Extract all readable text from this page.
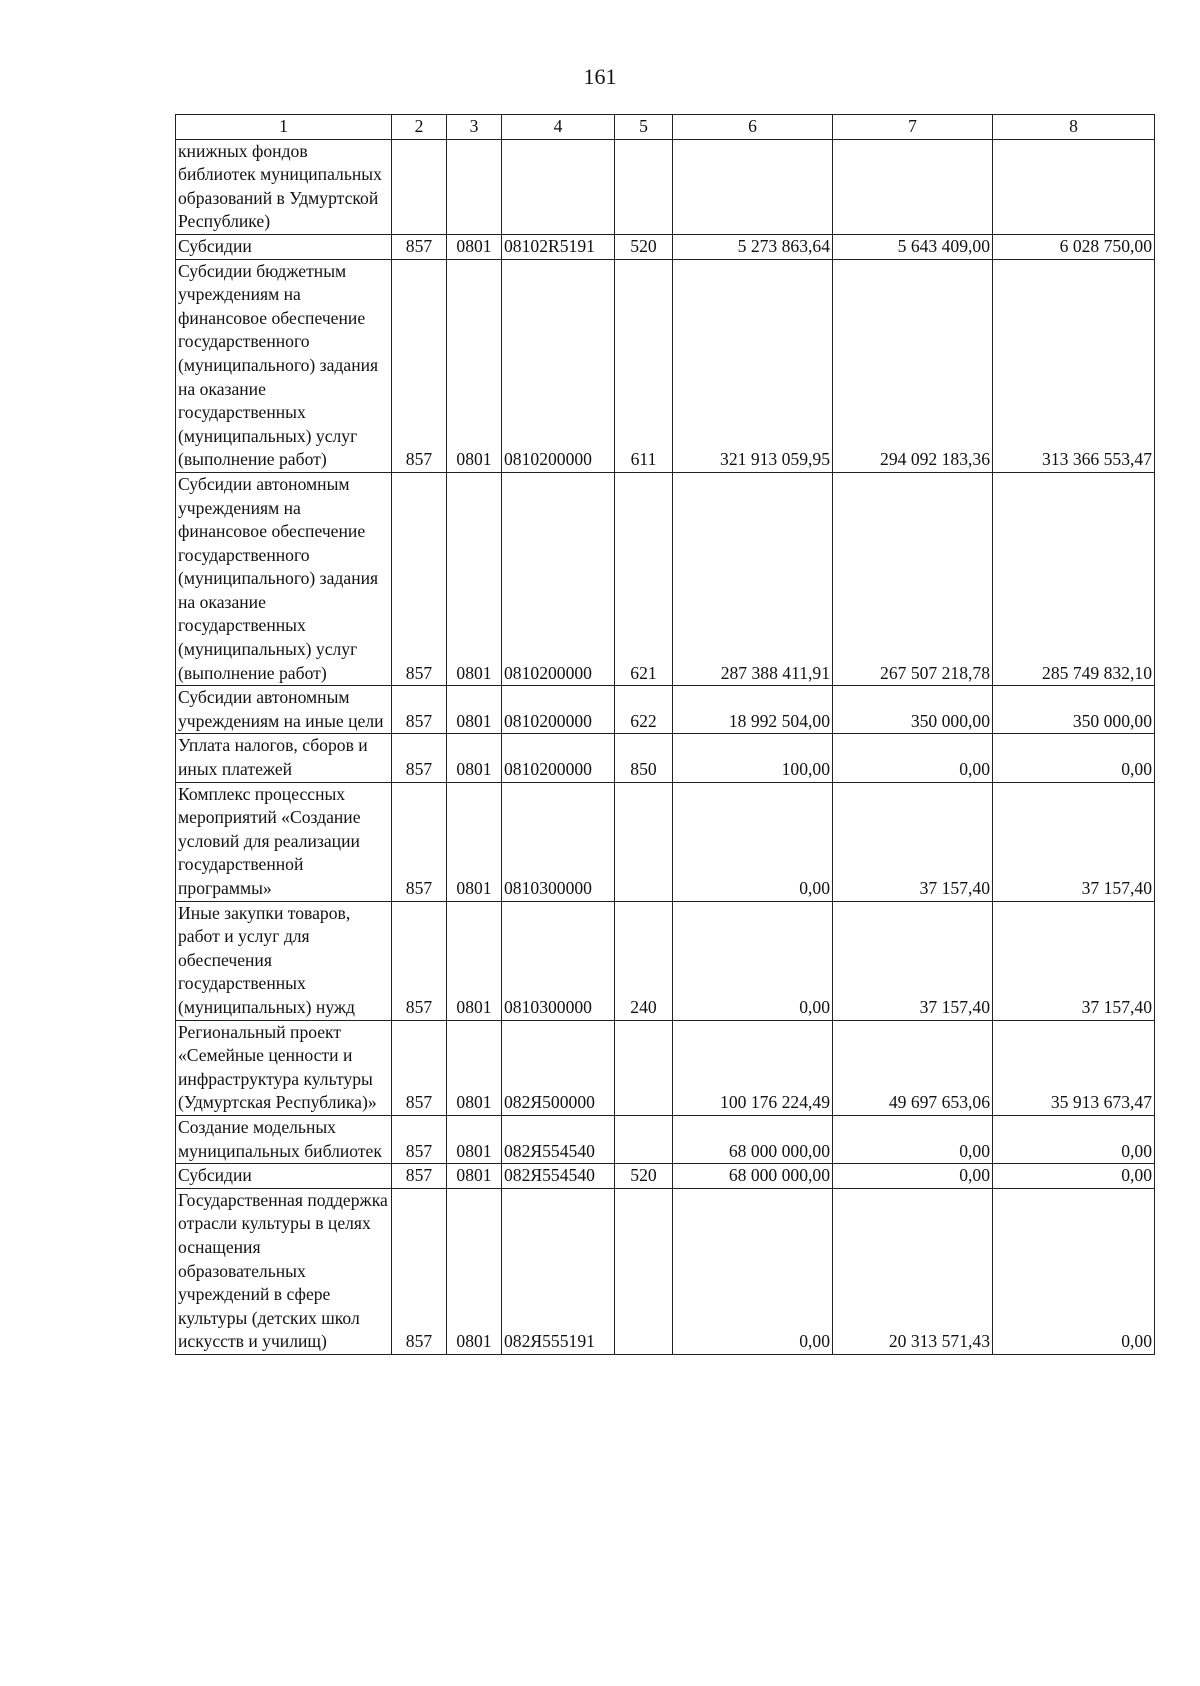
161
1	2	3	4	5	6	7	8
книжных фондов библиотек муниципальных образований в Удмуртской Республике)							
Субсидии	857	0801	08102R5191	520	5 273 863,64	5 643 409,00	6 028 750,00
Субсидии бюджетным учреждениям на финансовое обеспечение государственного (муниципального) задания на оказание государственных (муниципальных) услуг (выполнение работ)	857	0801	0810200000	611	321 913 059,95	294 092 183,36	313 366 553,47
Субсидии автономным учреждениям на финансовое обеспечение государственного (муниципального) задания на оказание государственных (муниципальных) услуг (выполнение работ)	857	0801	0810200000	621	287 388 411,91	267 507 218,78	285 749 832,10
Субсидии автономным учреждениям на иные цели	857	0801	0810200000	622	18 992 504,00	350 000,00	350 000,00
Уплата налогов, сборов и иных платежей	857	0801	0810200000	850	100,00	0,00	0,00
Комплекс процессных мероприятий «Создание условий для реализации государственной программы»	857	0801	0810300000		0,00	37 157,40	37 157,40
Иные закупки товаров, работ и услуг для обеспечения государственных (муниципальных) нужд	857	0801	0810300000	240	0,00	37 157,40	37 157,40
Региональный проект «Семейные ценности и инфраструктура культуры (Удмуртская Республика)»	857	0801	082Я500000		100 176 224,49	49 697 653,06	35 913 673,47
Создание модельных муниципальных библиотек	857	0801	082Я554540		68 000 000,00	0,00	0,00
Субсидии	857	0801	082Я554540	520	68 000 000,00	0,00	0,00
Государственная поддержка отрасли культуры в целях оснащения образовательных учреждений в сфере культуры (детских школ искусств и училищ)	857	0801	082Я555191		0,00	20 313 571,43	0,00
